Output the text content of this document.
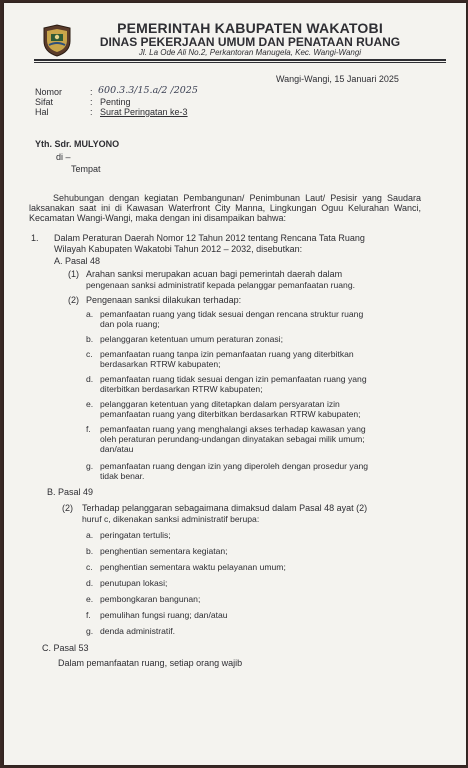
PEMERINTAH KABUPATEN WAKATOBI
DINAS PEKERJAAN UMUM DAN PENATAAN RUANG
Jl. La Ode Ali No.2, Perkantoran Manugela, Kec. Wangi-Wangi
Wangi-Wangi, 15 Januari 2025
Nomor	: 600.3.3/15.a/2 /2025
Sifat	: Penting
Hal	: Surat Peringatan ke-3
Yth. Sdr. MULYONO
di –
Tempat
Sehubungan dengan kegiatan Pembangunan/ Penimbunan Laut/ Pesisir yang Saudara laksanakan saat ini di Kawasan Waterfront City Manna, Lingkungan Oguu Kelurahan Wanci, Kecamatan Wangi-Wangi, maka dengan ini disampaikan bahwa:
1. Dalam Peraturan Daerah Nomor 12 Tahun 2012 tentang Rencana Tata Ruang
Wilayah Kabupaten Wakatobi Tahun 2012 – 2032, disebutkan:
A. Pasal 48
(1) Arahan sanksi merupakan acuan bagi pemerintah daerah dalam
pengenaan sanksi administratif kepada pelanggar pemanfaatan ruang.
(2) Pengenaan sanksi dilakukan terhadap:
a. pemanfaatan ruang yang tidak sesuai dengan rencana struktur ruang
dan pola ruang;
b. pelanggaran ketentuan umum peraturan zonasi;
c. pemanfaatan ruang tanpa izin pemanfaatan ruang yang diterbitkan
berdasarkan RTRW kabupaten;
d. pemanfaatan ruang tidak sesuai dengan izin pemanfaatan ruang yang
diterbitkan berdasarkan RTRW kabupaten;
e. pelanggaran ketentuan yang ditetapkan dalam persyaratan izin
pemanfaatan ruang yang diterbitkan berdasarkan RTRW kabupaten;
f. pemanfaatan ruang yang menghalangi akses terhadap kawasan yang
oleh peraturan perundang-undangan dinyatakan sebagai milik umum;
dan/atau
g. pemanfaatan ruang dengan izin yang diperoleh dengan prosedur yang
tidak benar.
B. Pasal 49
(2) Terhadap pelanggaran sebagaimana dimaksud dalam Pasal 48 ayat (2)
huruf c, dikenakan sanksi administratif berupa:
a. peringatan tertulis;
b. penghentian sementara kegiatan;
c. penghentian sementara waktu pelayanan umum;
d. penutupan lokasi;
e. pembongkaran bangunan;
f. pemulihan fungsi ruang; dan/atau
g. denda administratif.
C. Pasal 53
Dalam pemanfaatan ruang, setiap orang wajib
